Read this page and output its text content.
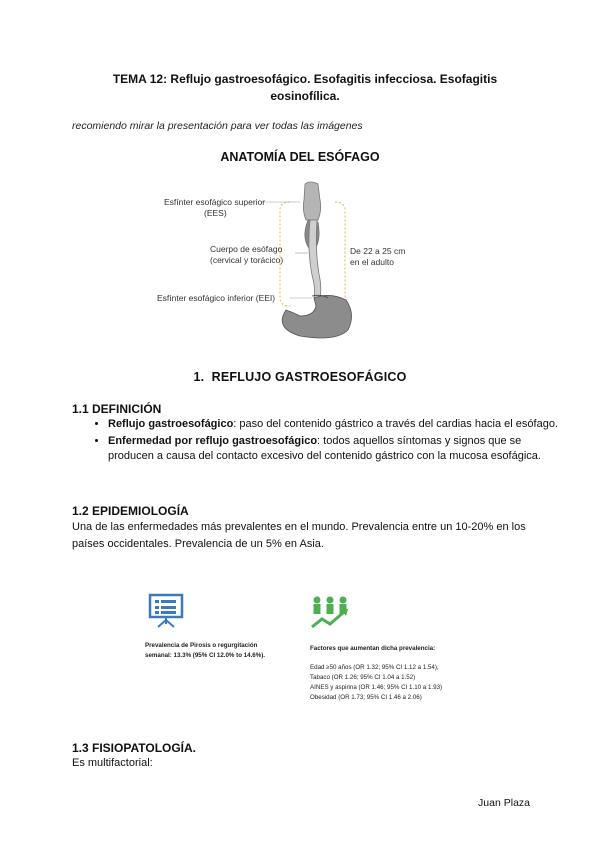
TEMA 12: Reflujo gastroesofágico. Esofagitis infecciosa. Esofagitis
eosinofílica.
recomiendo mirar la presentación para ver todas las imágenes
ANATOMÍA DEL ESÓFAGO
Esfínter esofágico superior
(EES)
Cuerpo de esófago
(cervical y torácico)
De 22 a 25 cm
en el adulto
Esfínter esofágico inferior (EEI)
1. REFLUJO GASTROESOFÁGICO
1.1 DEFINICIÓN
• Reflujo gastroesofágico: paso del contenido gástrico a través del cardias hacia el esófago.
• Enfermedad por reflujo gastroesofágico: todos aquellos síntomas y signos que se producen a causa del contacto excesivo del contenido gástrico con la mucosa esofágica.
1.2 EPIDEMIOLOGÍA
Una de las enfermedades más prevalentes en el mundo. Prevalencia entre un 10-20% en los países occidentales. Prevalencia de un 5% en Asia.
Prevalencia de Pirosis o regurgitación
semanal: 13.3% (95% CI 12.0% to 14.6%).
Factores que aumentan dicha prevalencia:
Edad ≥50 años (OR 1.32; 95% CI 1.12 a 1.54),
Tabaco (OR 1.26; 95% CI 1.04 a 1.52)
AINES y aspirina (OR 1.46; 95% CI 1.10 a 1.93)
Obesidad (OR 1.73; 95% CI 1.46 a 2.06)
1.3 FISIOPATOLOGÍA.
Es multifactorial:
Juan Plaza
